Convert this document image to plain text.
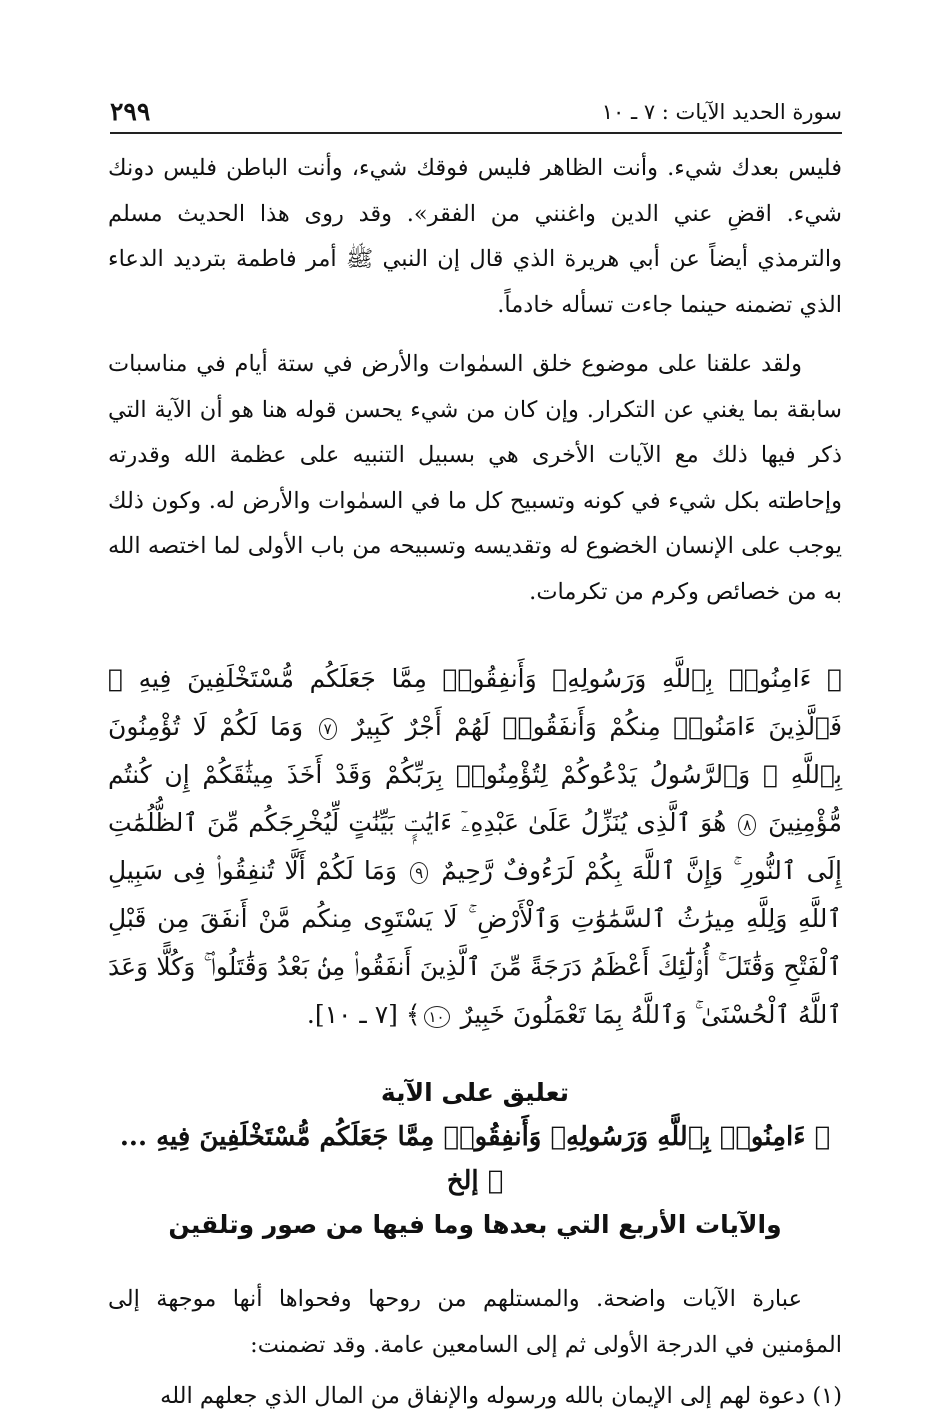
٢٩٩	سورة الحديد الآيات : ٧ ـ ١٠

فليس بعدك شيء. وأنت الظاهر فليس فوقك شيء، وأنت الباطن فليس دونك شيء. اقضِ عني الدين واغنني من الفقر». وقد روى هذا الحديث مسلم والترمذي أيضاً عن أبي هريرة الذي قال إن النبي ﷺ أمر فاطمة بترديد الدعاء الذي تضمنه حينما جاءت تسأله خادماً.

ولقد علقنا على موضوع خلق السمٰوات والأرض في ستة أيام في مناسبات سابقة بما يغني عن التكرار. وإن كان من شيء يحسن قوله هنا هو أن الآية التي ذكر فيها ذلك مع الآيات الأخرى هي بسبيل التنبيه على عظمة الله وقدرته وإحاطته بكل شيء في كونه وتسبيح كل ما في السمٰوات والأرض له. وكون ذلك يوجب على الإنسان الخضوع له وتقديسه وتسبيحه من باب الأولى لما اختصه الله به من خصائص وكرم من تكرمات.

﴿ ءَامِنُوا۟ بِٱللَّهِ وَرَسُولِهِۦ وَأَنفِقُوا۟ مِمَّا جَعَلَكُم مُّسْتَخْلَفِينَ فِيهِ ۖ فَٱلَّذِينَ ءَامَنُوا۟ مِنكُمْ وَأَنفَقُوا۟ لَهُمْ أَجْرٌ كَبِيرٌ ٧ وَمَا لَكُمْ لَا تُؤْمِنُونَ بِٱللَّهِ ۙ وَٱلرَّسُولُ يَدْعُوكُمْ لِتُؤْمِنُوا۟ بِرَبِّكُمْ وَقَدْ أَخَذَ مِيثَٰقَكُمْ إِن كُنتُم مُّؤْمِنِينَ ٨ هُوَ ٱلَّذِى يُنَزِّلُ عَلَىٰ عَبْدِهِۦٓ ءَايَٰتٍۭ بَيِّنَٰتٍ لِّيُخْرِجَكُم مِّنَ ٱلظُّلُمَٰتِ إِلَى ٱلنُّورِ ۚ وَإِنَّ ٱللَّهَ بِكُمْ لَرَءُوفٌ رَّحِيمٌ ٩ وَمَا لَكُمْ أَلَّا تُنفِقُوا۟ فِى سَبِيلِ ٱللَّهِ وَلِلَّهِ مِيرَٰثُ ٱلسَّمَٰوَٰتِ وَٱلْأَرْضِ ۚ لَا يَسْتَوِى مِنكُم مَّنْ أَنفَقَ مِن قَبْلِ ٱلْفَتْحِ وَقَٰتَلَ ۚ أُو۟لَٰٓئِكَ أَعْظَمُ دَرَجَةً مِّنَ ٱلَّذِينَ أَنفَقُوا۟ مِنۢ بَعْدُ وَقَٰتَلُوا۟ ۚ وَكُلًّا وَعَدَ ٱللَّهُ ٱلْحُسْنَىٰ ۚ وَٱللَّهُ بِمَا تَعْمَلُونَ خَبِيرٌ ١٠﴾ [٧ ـ ١٠].

تعليق على الآية
﴿ ءَامِنُوا۟ بِٱللَّهِ وَرَسُولِهِۦ وَأَنفِقُوا۟ مِمَّا جَعَلَكُم مُّسْتَخْلَفِينَ فِيهِ ... ﴾ إلخ
والآيات الأربع التي بعدها وما فيها من صور وتلقين

عبارة الآيات واضحة. والمستلهم من روحها وفحواها أنها موجهة إلى المؤمنين في الدرجة الأولى ثم إلى السامعين عامة. وقد تضمنت:

(١) دعوة لهم إلى الإيمان بالله ورسوله والإنفاق من المال الذي جعلهم الله
